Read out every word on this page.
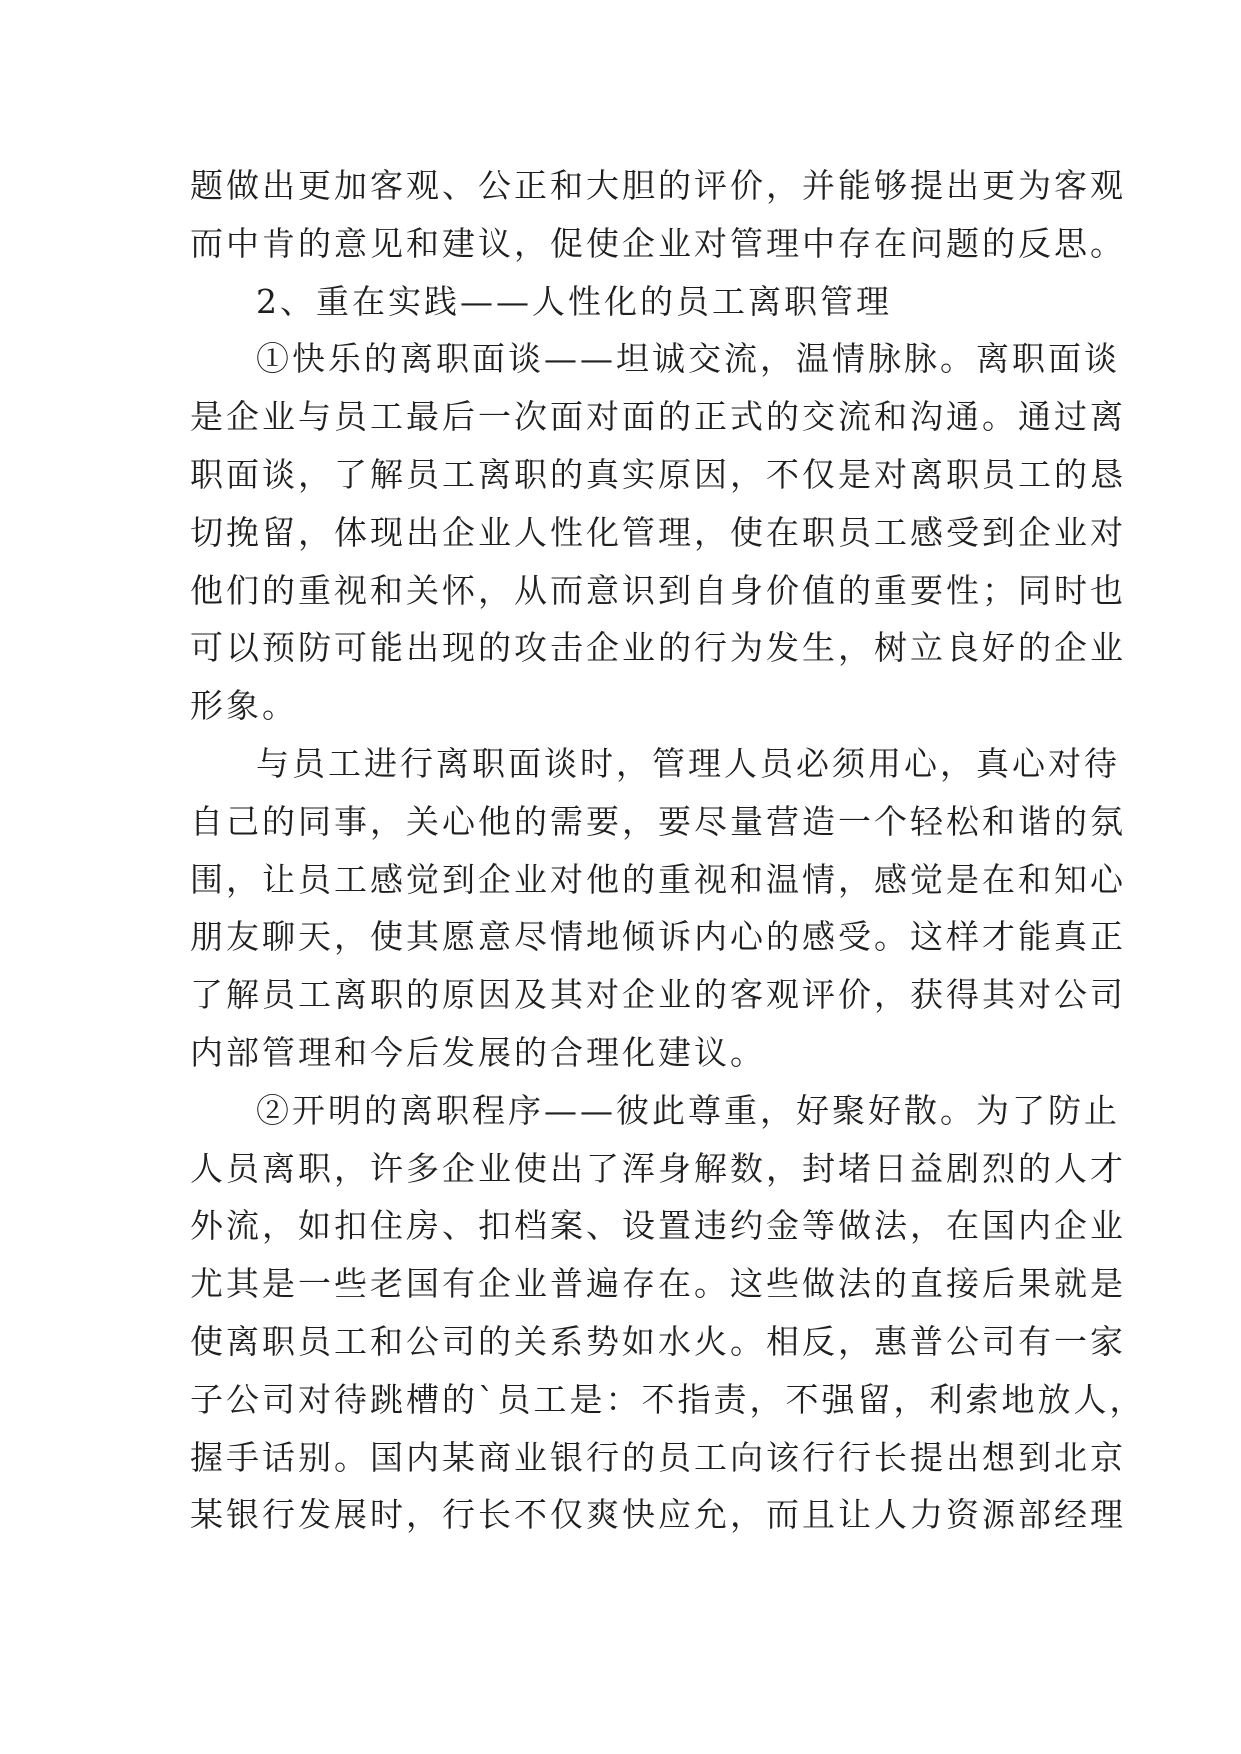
题做出更加客观、公正和大胆的评价，并能够提出更为客观
而中肯的意见和建议，促使企业对管理中存在问题的反思。
2、重在实践——人性化的员工离职管理
①快乐的离职面谈——坦诚交流，温情脉脉。离职面谈
是企业与员工最后一次面对面的正式的交流和沟通。通过离
职面谈，了解员工离职的真实原因，不仅是对离职员工的恳
切挽留，体现出企业人性化管理，使在职员工感受到企业对
他们的重视和关怀，从而意识到自身价值的重要性；同时也
可以预防可能出现的攻击企业的行为发生，树立良好的企业
形象。
与员工进行离职面谈时，管理人员必须用心，真心对待
自己的同事，关心他的需要，要尽量营造一个轻松和谐的氛
围，让员工感觉到企业对他的重视和温情，感觉是在和知心
朋友聊天，使其愿意尽情地倾诉内心的感受。这样才能真正
了解员工离职的原因及其对企业的客观评价，获得其对公司
内部管理和今后发展的合理化建议。
②开明的离职程序——彼此尊重，好聚好散。为了防止
人员离职，许多企业使出了浑身解数，封堵日益剧烈的人才
外流，如扣住房、扣档案、设置违约金等做法，在国内企业
尤其是一些老国有企业普遍存在。这些做法的直接后果就是
使离职员工和公司的关系势如水火。相反，惠普公司有一家
子公司对待跳槽的`员工是：不指责，不强留，利索地放人，
握手话别。国内某商业银行的员工向该行行长提出想到北京
某银行发展时，行长不仅爽快应允，而且让人力资源部经理
